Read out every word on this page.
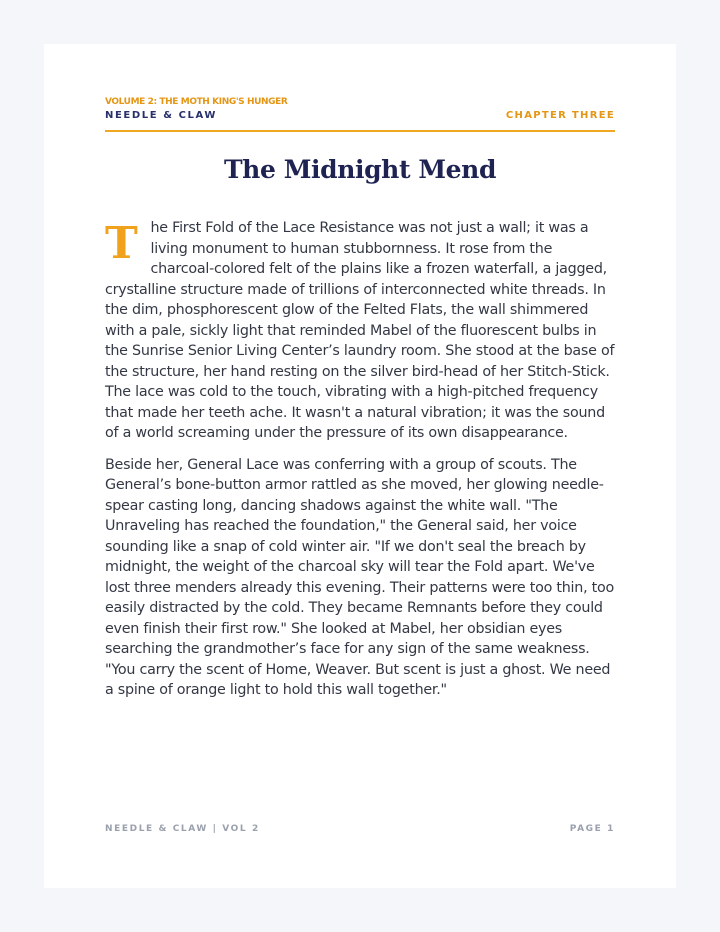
VOLUME 2: THE MOTH KING'S HUNGER
NEEDLE & CLAW	CHAPTER THREE
The Midnight Mend

The First Fold of the Lace Resistance was not just a wall; it was a living monument to human stubbornness. It rose from the charcoal-colored felt of the plains like a frozen waterfall, a jagged, crystalline structure made of trillions of interconnected white threads. In the dim, phosphorescent glow of the Felted Flats, the wall shimmered with a pale, sickly light that reminded Mabel of the fluorescent bulbs in the Sunrise Senior Living Center’s laundry room. She stood at the base of the structure, her hand resting on the silver bird-head of her Stitch-Stick. The lace was cold to the touch, vibrating with a high-pitched frequency that made her teeth ache. It wasn't a natural vibration; it was the sound of a world screaming under the pressure of its own disappearance.

Beside her, General Lace was conferring with a group of scouts. The General’s bone-button armor rattled as she moved, her glowing needle-spear casting long, dancing shadows against the white wall. "The Unraveling has reached the foundation," the General said, her voice sounding like a snap of cold winter air. "If we don't seal the breach by midnight, the weight of the charcoal sky will tear the Fold apart. We've lost three menders already this evening. Their patterns were too thin, too easily distracted by the cold. They became Remnants before they could even finish their first row." She looked at Mabel, her obsidian eyes searching the grandmother’s face for any sign of the same weakness. "You carry the scent of Home, Weaver. But scent is just a ghost. We need a spine of orange light to hold this wall together."

NEEDLE & CLAW | VOL 2	PAGE 1
